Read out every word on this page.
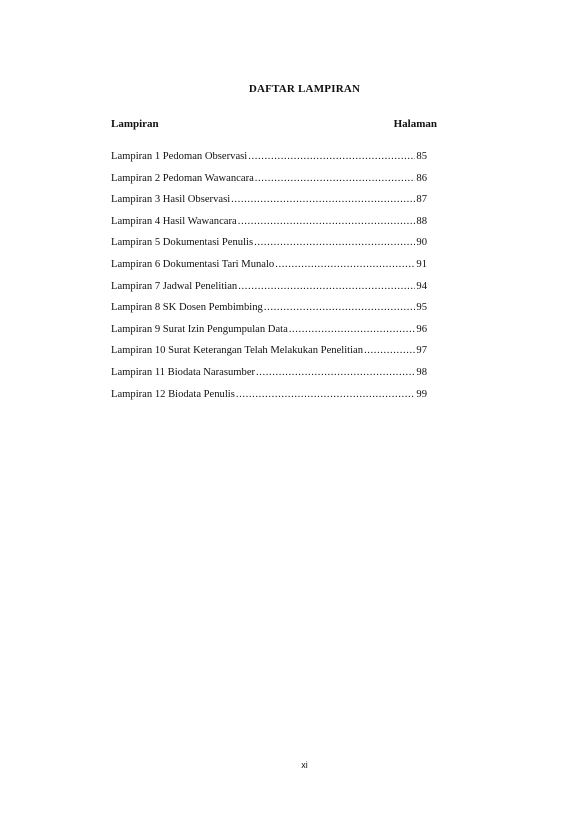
DAFTAR LAMPIRAN
Lampiran	Halaman
Lampiran 1 Pedoman Observasi .....	85
Lampiran 2 Pedoman Wawancara .....	86
Lampiran 3 Hasil Observasi .....	87
Lampiran 4 Hasil Wawancara .....	88
Lampiran 5 Dokumentasi Penulis .....	90
Lampiran 6 Dokumentasi Tari Munalo .....	91
Lampiran 7 Jadwal Penelitian .....	94
Lampiran 8 SK Dosen Pembimbing .....	95
Lampiran 9 Surat Izin Pengumpulan Data .....	96
Lampiran 10 Surat Keterangan Telah Melakukan Penelitian .....	97
Lampiran 11 Biodata Narasumber .....	98
Lampiran 12 Biodata Penulis .....	99
xi
